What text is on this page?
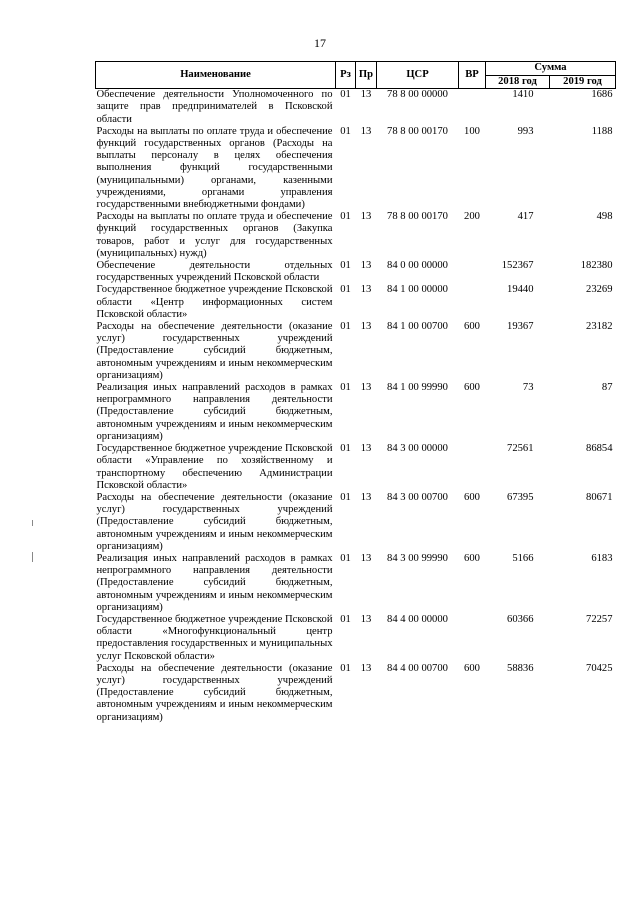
17
Наименование	Рз	Пр	ЦСР	ВР	Сумма	
					2018 год	2019 год
Обеспечение деятельности Уполномоченного по защите прав предпринимателей в Псковской области	01	13	78 8 00 00000		1410	1686
Расходы на выплаты по оплате труда и обеспечение функций государственных органов (Расходы на выплаты персоналу в целях обеспечения выполнения функций государственными (муниципальными) органами, казенными учреждениями, органами управления государственными внебюджетными фондами)	01	13	78 8 00 00170	100	993	1188
Расходы на выплаты по оплате труда и обеспечение функций государственных органов (Закупка товаров, работ и услуг для государственных (муниципальных) нужд)	01	13	78 8 00 00170	200	417	498
Обеспечение деятельности отдельных государственных учреждений Псковской области	01	13	84 0 00 00000		152367	182380
Государственное бюджетное учреждение Псковской области «Центр информационных систем Псковской области»	01	13	84 1 00 00000		19440	23269
Расходы на обеспечение деятельности (оказание услуг) государственных учреждений (Предоставление субсидий бюджетным, автономным учреждениям и иным некоммерческим организациям)	01	13	84 1 00 00700	600	19367	23182
Реализация иных направлений расходов в рамках непрограммного направления деятельности (Предоставление субсидий бюджетным, автономным учреждениям и иным некоммерческим организациям)	01	13	84 1 00 99990	600	73	87
Государственное бюджетное учреждение Псковской области «Управление по хозяйственному и транспортному обеспечению Администрации Псковской области»	01	13	84 3 00 00000		72561	86854
Расходы на обеспечение деятельности (оказание услуг) государственных учреждений (Предоставление субсидий бюджетным, автономным учреждениям и иным некоммерческим организациям)	01	13	84 3 00 00700	600	67395	80671
Реализация иных направлений расходов в рамках непрограммного направления деятельности (Предоставление субсидий бюджетным, автономным учреждениям и иным некоммерческим организациям)	01	13	84 3 00 99990	600	5166	6183
Государственное бюджетное учреждение Псковской области «Многофункциональный центр предоставления государственных и муниципальных услуг Псковской области»	01	13	84 4 00 00000		60366	72257
Расходы на обеспечение деятельности (оказание услуг) государственных учреждений (Предоставление субсидий бюджетным, автономным учреждениям и иным некоммерческим организациям)	01	13	84 4 00 00700	600	58836	70425
